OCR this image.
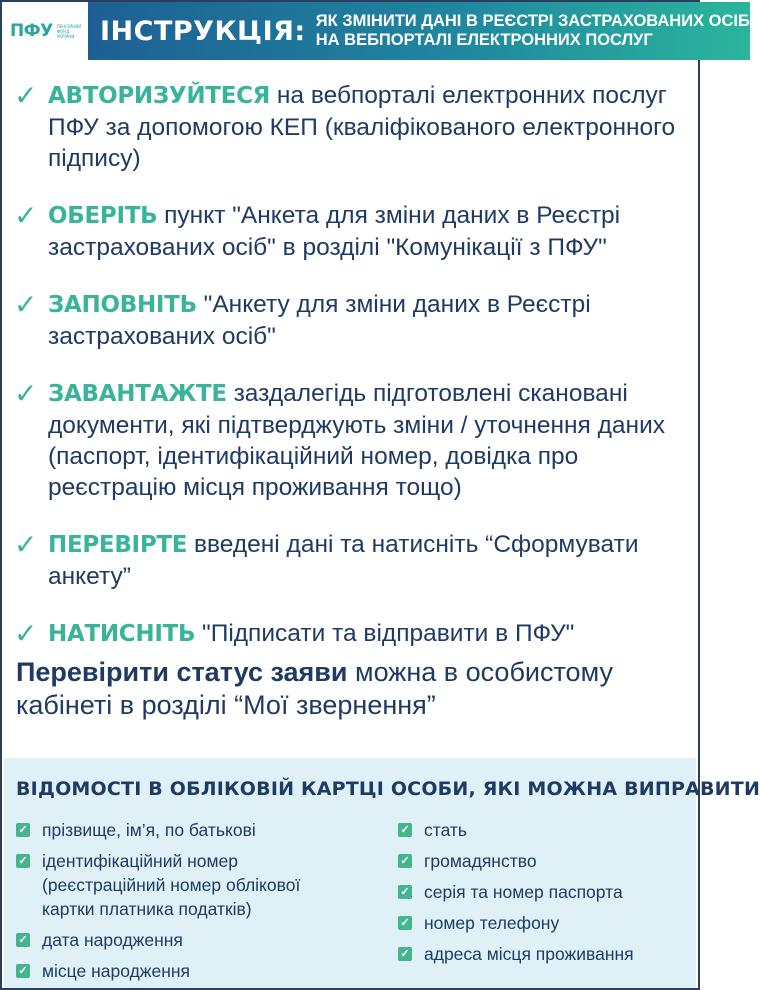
ПФУ ПЕНСІЙНИЙ ФОНД УКРАЇНИ ІНСТРУКЦІЯ: ЯК ЗМІНИТИ ДАНІ В РЕЄСТРІ ЗАСТРАХОВАНИХ ОСІБ
НА ВЕБПОРТАЛІ ЕЛЕКТРОННИХ ПОСЛУГ
✓ АВТОРИЗУЙТЕСЯ на вебпорталі електронних послуг ПФУ за допомогою КЕП (кваліфікованого електронного підпису)
✓ ОБЕРІТЬ пункт "Анкета для зміни даних в Реєстрі застрахованих осіб" в розділі "Комунікації з ПФУ"
✓ ЗАПОВНІТЬ "Анкету для зміни даних в Реєстрі застрахованих осіб"
✓ ЗАВАНТАЖТЕ заздалегідь підготовлені скановані документи, які підтверджують зміни / уточнення даних (паспорт, ідентифікаційний номер, довідка про реєстрацію місця проживання тощо)
✓ ПЕРЕВІРТЕ введені дані та натисніть “Сформувати анкету”
✓ НАТИСНІТЬ "Підписати та відправити в ПФУ"
Перевірити статус заяви можна в особистому кабінеті в розділі “Мої звернення”
ВІДОМОСТІ В ОБЛІКОВІЙ КАРТЦІ ОСОБИ, ЯКІ МОЖНА ВИПРАВИТИ
✓ прізвище, ім’я, по батькові
✓ ідентифікаційний номер (реєстраційний номер облікової картки платника податків)
✓ дата народження
✓ місце народження
✓ стать
✓ громадянство
✓ серія та номер паспорта
✓ номер телефону
✓ адреса місця проживання
